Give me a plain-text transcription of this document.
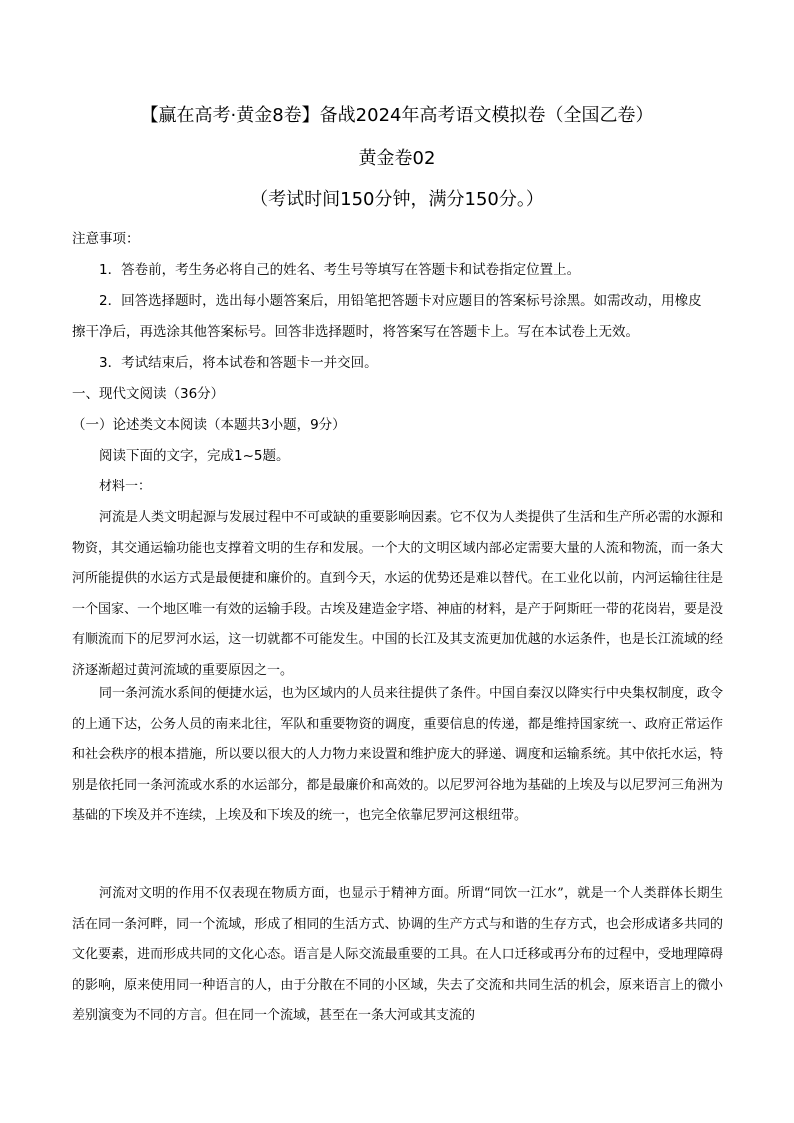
【赢在高考·黄金8卷】备战2024年高考语文模拟卷（全国乙卷）
黄金卷02
（考试时间150分钟，满分150分。）
注意事项：
1．答卷前，考生务必将自己的姓名、考生号等填写在答题卡和试卷指定位置上。
2．回答选择题时，选出每小题答案后，用铅笔把答题卡对应题目的答案标号涂黑。如需改动，用橡皮
擦干净后，再选涂其他答案标号。回答非选择题时，将答案写在答题卡上。写在本试卷上无效。
3．考试结束后，将本试卷和答题卡一并交回。
一、现代文阅读（36分）
（一）论述类文本阅读（本题共3小题，9分）
阅读下面的文字，完成1~5题。
材料一：

河流是人类文明起源与发展过程中不可或缺的重要影响因素。它不仅为人类提供了生活和生产所必需的水源和物资，其交通运输功能也支撑着文明的生存和发展。一个大的文明区域内部必定需要大量的人流和物流，而一条大河所能提供的水运方式是最便捷和廉价的。直到今天，水运的优势还是难以替代。在工业化以前，内河运输往往是一个国家、一个地区唯一有效的运输手段。古埃及建造金字塔、神庙的材料，是产于阿斯旺一带的花岗岩，要是没有顺流而下的尼罗河水运，这一切就都不可能发生。中国的长江及其支流更加优越的水运条件，也是长江流域的经济逐渐超过黄河流域的重要原因之一。

同一条河流水系间的便捷水运，也为区域内的人员来往提供了条件。中国自秦汉以降实行中央集权制度，政令的上通下达，公务人员的南来北往，军队和重要物资的调度，重要信息的传递，都是维持国家统一、政府正常运作和社会秩序的根本措施，所以要以很大的人力物力来设置和维护庞大的驿递、调度和运输系统。其中依托水运，特别是依托同一条河流或水系的水运部分，都是最廉价和高效的。以尼罗河谷地为基础的上埃及与以尼罗河三角洲为基础的下埃及并不连续，上埃及和下埃及的统一，也完全依靠尼罗河这根纽带。

河流对文明的作用不仅表现在物质方面，也显示于精神方面。所谓“同饮一江水”，就是一个人类群体长期生活在同一条河畔，同一个流域，形成了相同的生活方式、协调的生产方式与和谐的生存方式，也会形成诸多共同的文化要素，进而形成共同的文化心态。语言是人际交流最重要的工具。在人口迁移或再分布的过程中，受地理障碍的影响，原来使用同一种语言的人，由于分散在不同的小区域，失去了交流和共同生活的机会，原来语言上的微小差别演变为不同的方言。但在同一个流域，甚至在一条大河或其支流的
